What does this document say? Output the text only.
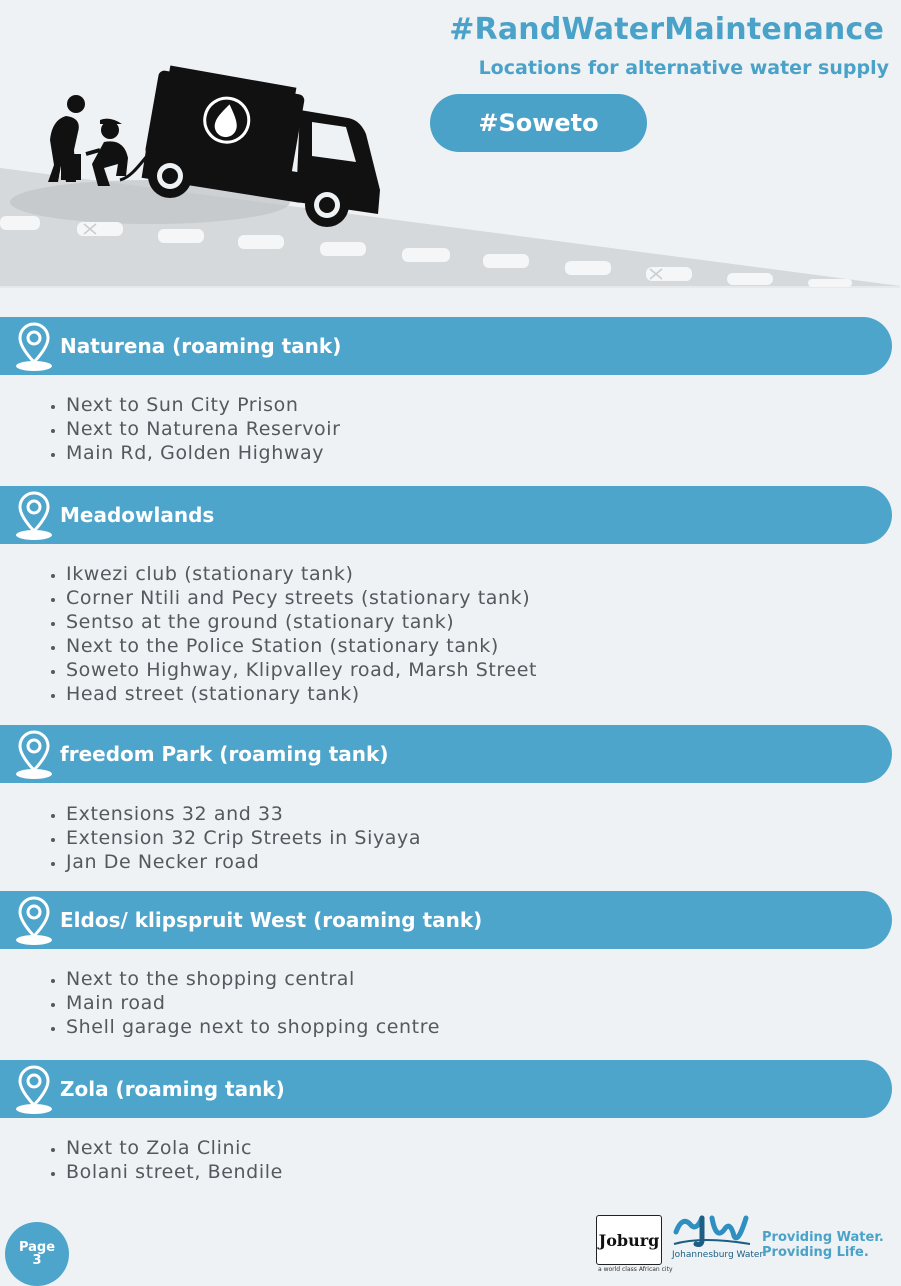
#RandWaterMaintenance
Locations for alternative water supply
#Soweto
Naturena (roaming tank)
• Next to Sun City Prison
• Next to Naturena Reservoir
• Main Rd, Golden Highway
Meadowlands
• Ikwezi club (stationary tank)
• Corner Ntili and Pecy streets (stationary tank)
• Sentso at the ground (stationary tank)
• Next to the Police Station (stationary tank)
• Soweto Highway, Klipvalley road, Marsh Street
• Head street (stationary tank)
freedom Park (roaming tank)
• Extensions 32 and 33
• Extension 32 Crip Streets in Siyaya
• Jan De Necker road
Eldos/ klipspruit West (roaming tank)
• Next to the shopping central
• Main road
• Shell garage next to shopping centre
Zola (roaming tank)
• Next to Zola Clinic
• Bolani street, Bendile
Page
3
Joburg
a world class African city
Johannesburg Water
Providing Water.
Providing Life.
